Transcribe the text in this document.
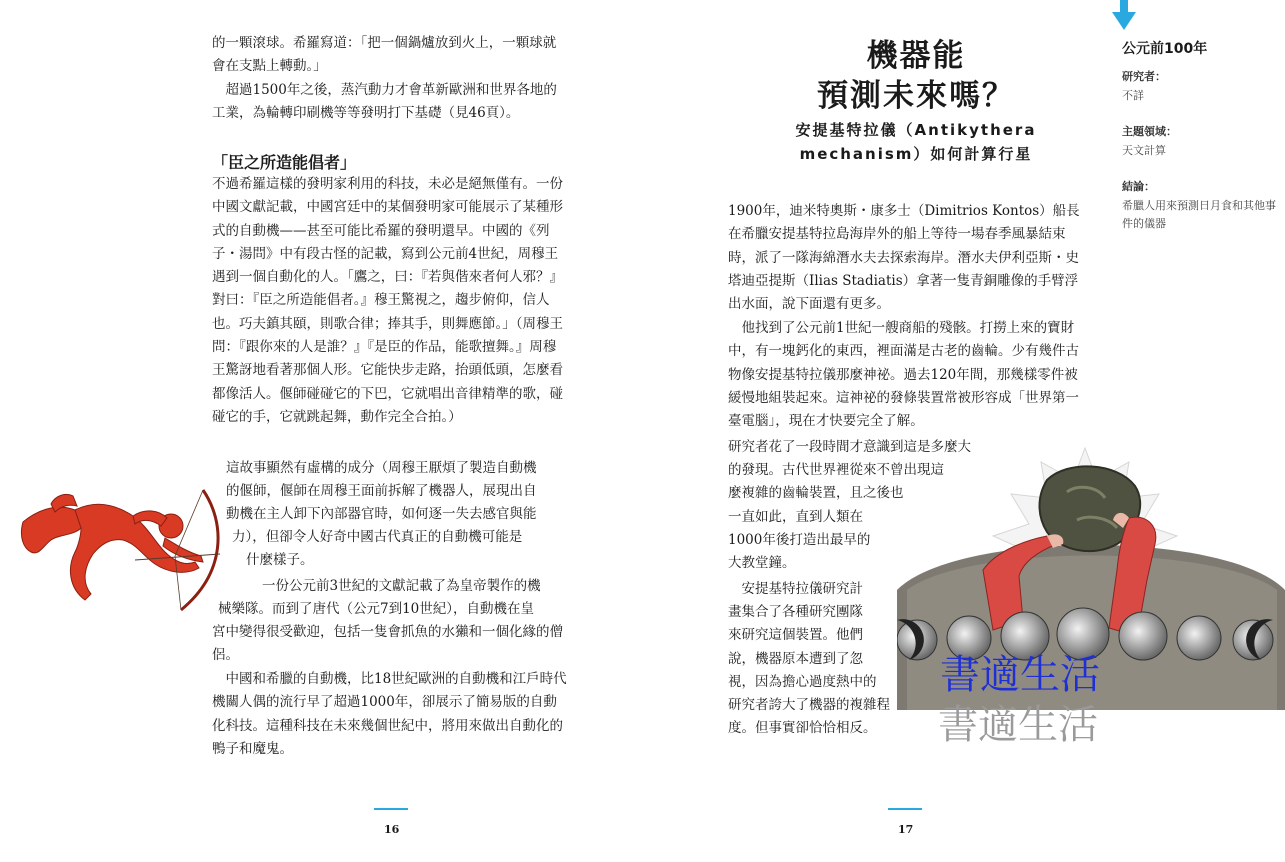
的一顆滾球。希羅寫道：「把一個鍋爐放到火上，一顆球就會在支點上轉動。」

　超過1500年之後，蒸汽動力才會革新歐洲和世界各地的工業，為輪轉印刷機等等發明打下基礎（見46頁）。

「臣之所造能倡者」

不過希羅這樣的發明家利用的科技，未必是絕無僅有。一份中國文獻記載，中國宮廷中的某個發明家可能展示了某種形式的自動機——甚至可能比希羅的發明還早。中國的《列子・湯問》中有段古怪的記載，寫到公元前4世紀，周穆王遇到一個自動化的人。「鷹之，曰：『若與偕來者何人邪？』對曰：『臣之所造能倡者。』穆王驚視之，趨步俯仰，信人也。巧夫鎮其頤，則歌合律；捧其手，則舞應節。」（周穆王問：『跟你來的人是誰？』『是臣的作品，能歌擅舞。』周穆王驚訝地看著那個人形。它能快步走路，抬頭低頭，怎麼看都像活人。偃師碰碰它的下巴，它就唱出音律精準的歌，碰碰它的手，它就跳起舞，動作完全合拍。）

這故事顯然有虛構的成分（周穆王厭煩了製造自動機
的偃師，偃師在周穆王面前拆解了機器人，展現出自
動機在主人卸下內部器官時，如何逐一失去感官與能
力），但卻令人好奇中國古代真正的自動機可能是
什麼樣子。
一份公元前3世紀的文獻記載了為皇帝製作的機
械樂隊。而到了唐代（公元7到10世紀），自動機在皇

宮中變得很受歡迎，包括一隻會抓魚的水獺和一個化緣的僧侶。

　中國和希臘的自動機，比18世紀歐洲的自動機和江戶時代機關人偶的流行早了超過1000年，卻展示了簡易版的自動化科技。這種科技在未來幾個世紀中，將用來做出自動化的鴨子和魔鬼。

16
機器能
預測未來嗎？
安提基特拉儀（Antikythera
mechanism）如何計算行星

1900年，迪米特奧斯・康多士（Dimitrios Kontos）船長在希臘安提基特拉島海岸外的船上等待一場春季風暴結束時，派了一隊海綿潛水夫去探索海岸。潛水夫伊利亞斯・史塔迪亞提斯（Ilias Stadiatis）拿著一隻青銅雕像的手臂浮出水面，說下面還有更多。

　他找到了公元前1世紀一艘商船的殘骸。打撈上來的寶財中，有一塊鈣化的東西，裡面滿是古老的齒輪。少有幾件古物像安提基特拉儀那麼神祕。過去120年間，那幾樣零件被緩慢地組裝起來。這神祕的發條裝置常被形容成「世界第一臺電腦」，現在才快要完全了解。

研究者花了一段時間才意識到這是多麼大
的發現。古代世界裡從來不曾出現這
麼複雜的齒輪裝置，且之後也
一直如此，直到人類在
1000年後打造出最早的
大教堂鐘。
　安提基特拉儀研究計
畫集合了各種研究團隊
來研究這個裝置。他們
說，機器原本遭到了忽
視，因為擔心過度熱中的
研究者誇大了機器的複雜程
度。但事實卻恰恰相反。
書適生活
書適生活
公元前100年
研究者：
不詳
主題領域：
天文計算
結論：
希臘人用來預測日月食和其他事件的儀器
17
